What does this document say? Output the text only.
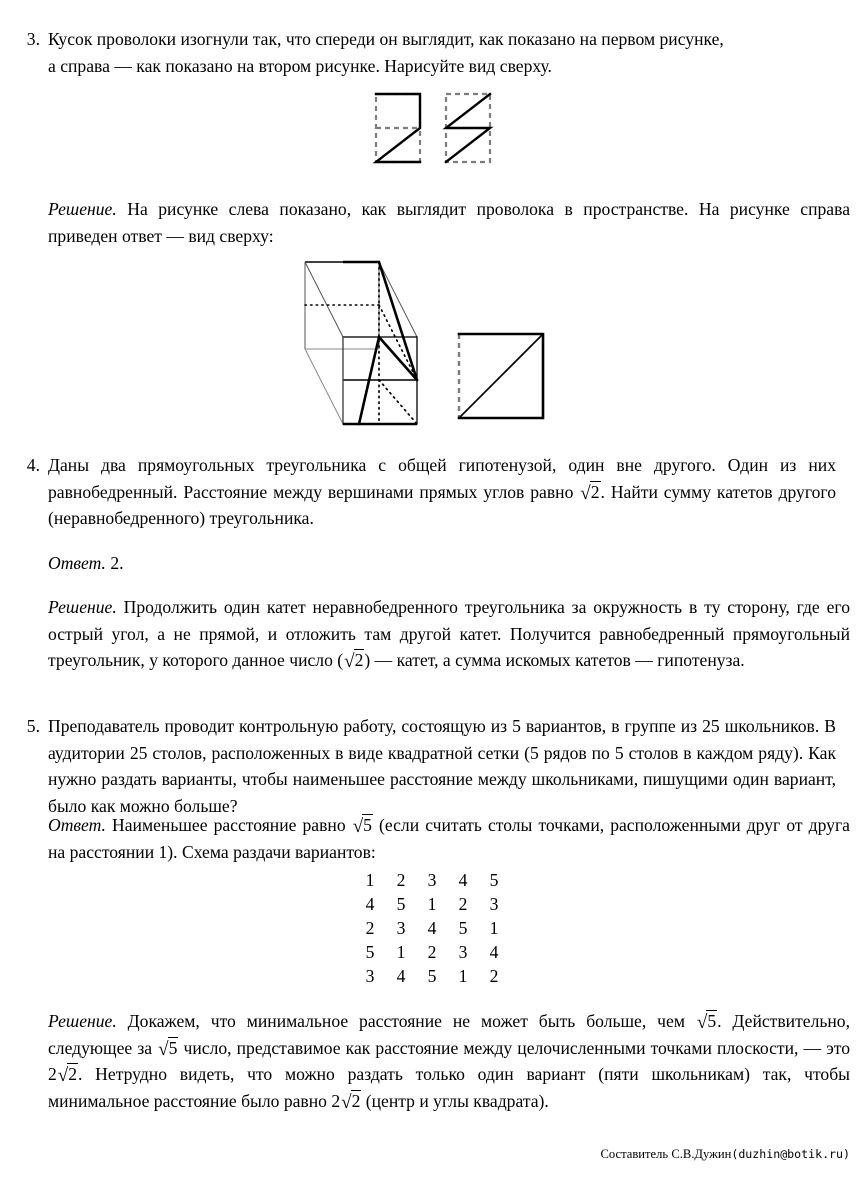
3. Кусок проволоки изогнули так, что спереди он выглядит, как показано на первом рисунке,
а справа — как показано на втором рисунке. Нарисуйте вид сверху.

Решение. На рисунке слева показано, как выглядит проволока в пространстве. На рисунке справа приведен ответ — вид сверху:

4. Даны два прямоугольных треугольника с общей гипотенузой, один вне другого. Один из них равнобедренный. Расстояние между вершинами прямых углов равно √2. Найти сумму катетов другого (неравнобедренного) треугольника.

Ответ. 2.

Решение. Продолжить один катет неравнобедренного треугольника за окружность в ту сторону, где его острый угол, а не прямой, и отложить там другой катет. Получится равнобедренный прямоугольный треугольник, у которого данное число (√2) — катет, а сумма искомых катетов — гипотенуза.

5. Преподаватель проводит контрольную работу, состоящую из 5 вариантов, в группе из 25 школьников. В аудитории 25 столов, расположенных в виде квадратной сетки (5 рядов по 5 столов в каждом ряду). Как нужно раздать варианты, чтобы наименьшее расстояние между школьниками, пишущими один вариант, было как можно больше?

Ответ. Наименьшее расстояние равно √5 (если считать столы точками, расположенными друг от друга на расстоянии 1). Схема раздачи вариантов:

1	2	3	4	5
4	5	1	2	3
2	3	4	5	1
5	1	2	3	4
3	4	5	1	2

Решение. Докажем, что минимальное расстояние не может быть больше, чем √5. Действительно, следующее за √5 число, представимое как расстояние между целочисленными точками плоскости, — это 2√2. Нетрудно видеть, что можно раздать только один вариант (пяти школьникам) так, чтобы минимальное расстояние было равно 2√2 (центр и углы квадрата).

Составитель С.В.Дужин(duzhin@botik.ru)
